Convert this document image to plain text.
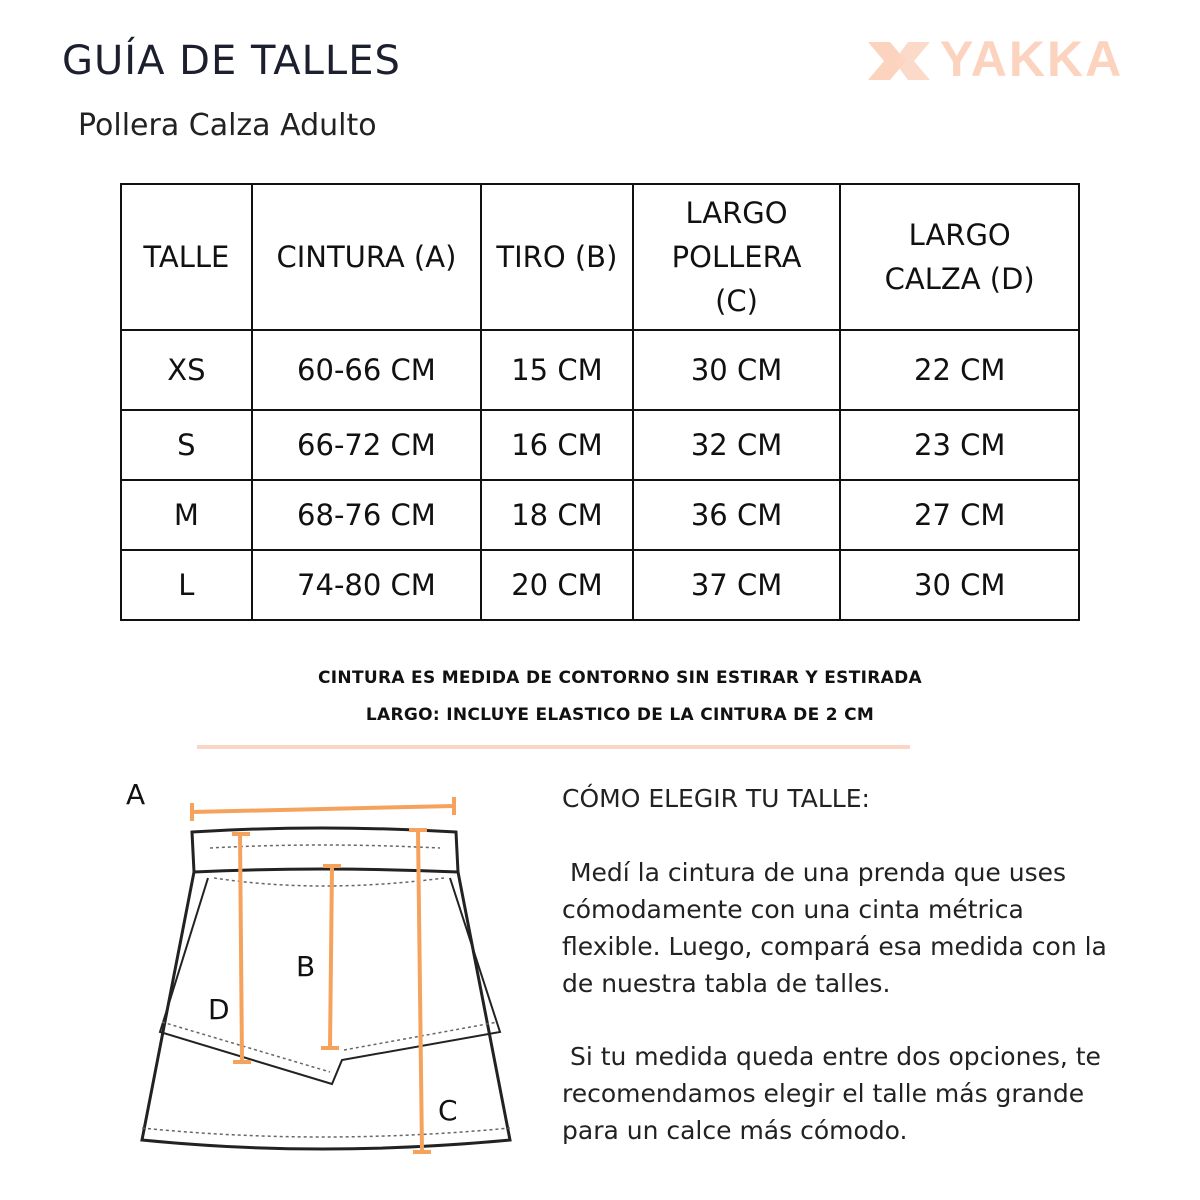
GUÍA DE TALLES
Pollera Calza Adulto
YAKKA
TALLE	CINTURA (A)	TIRO (B)	LARGO POLLERA (C)	LARGO CALZA (D)
XS	60-66 CM	15 CM	30 CM	22 CM
S	66-72 CM	16 CM	32 CM	23 CM
M	68-76 CM	18 CM	36 CM	27 CM
L	74-80 CM	20 CM	37 CM	30 CM
CINTURA ES MEDIDA DE CONTORNO SIN ESTIRAR Y ESTIRADA
LARGO: INCLUYE ELASTICO DE LA CINTURA DE 2 CM
A
B
C
D

CÓMO ELEGIR TU TALLE:

Medí la cintura de una prenda que uses cómodamente con una cinta métrica flexible. Luego, compará esa medida con la de nuestra tabla de talles.

Si tu medida queda entre dos opciones, te recomendamos elegir el talle más grande para un calce más cómodo.
